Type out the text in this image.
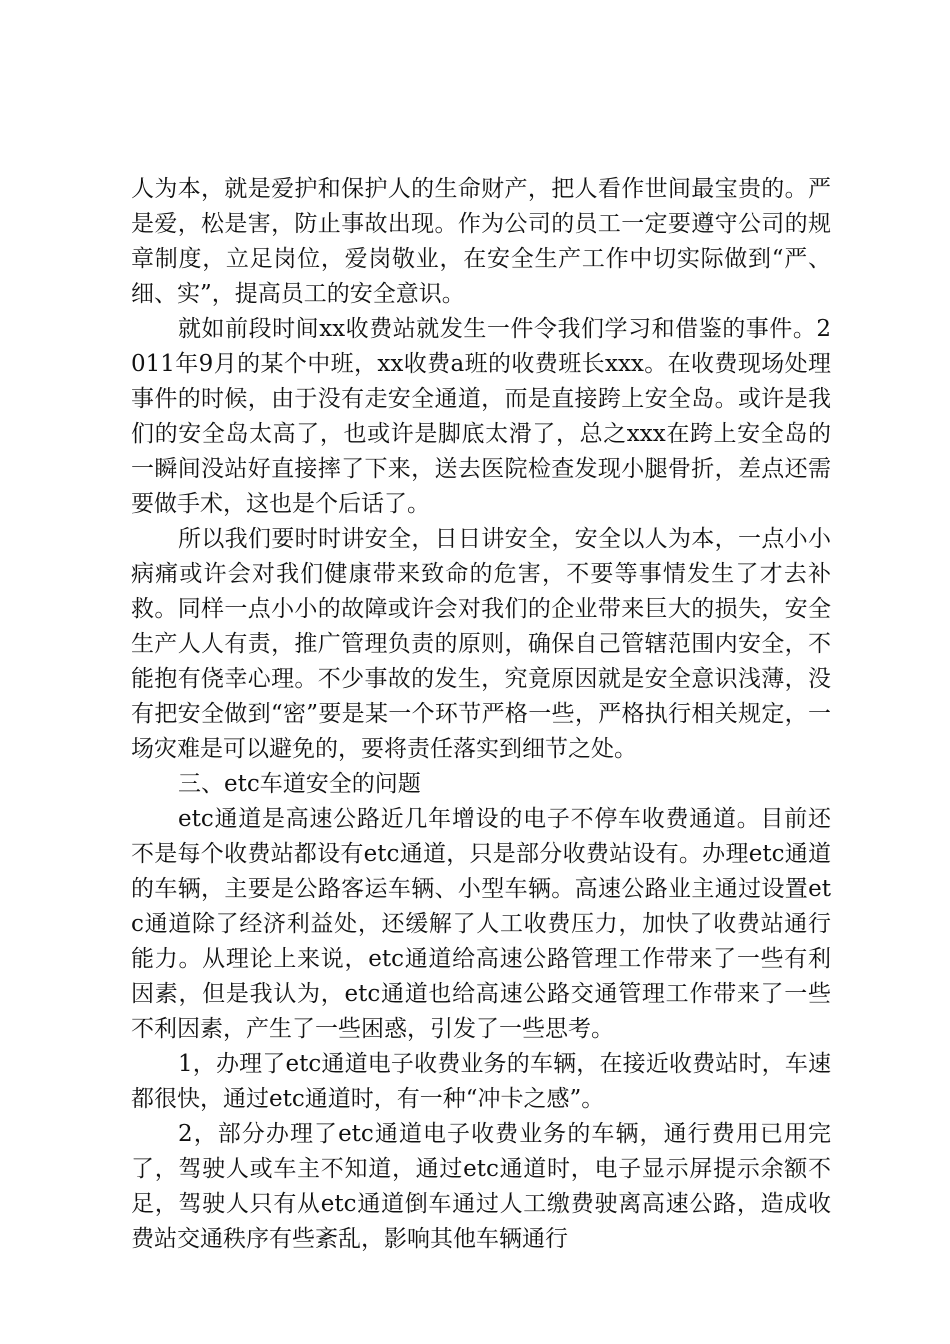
人为本，就是爱护和保护人的生命财产，把人看作世间最宝贵的。严是爱，松是害，防止事故出现。作为公司的员工一定要遵守公司的规章制度，立足岗位，爱岗敬业，在安全生产工作中切实际做到“严、细、实”，提高员工的安全意识。

就如前段时间xx收费站就发生一件令我们学习和借鉴的事件。2011年9月的某个中班，xx收费a班的收费班长xxx。在收费现场处理事件的时候，由于没有走安全通道，而是直接跨上安全岛。或许是我们的安全岛太高了，也或许是脚底太滑了，总之xxx在跨上安全岛的一瞬间没站好直接摔了下来，送去医院检查发现小腿骨折，差点还需要做手术，这也是个后话了。

所以我们要时时讲安全，日日讲安全，安全以人为本，一点小小病痛或许会对我们健康带来致命的危害，不要等事情发生了才去补救。同样一点小小的故障或许会对我们的企业带来巨大的损失，安全生产人人有责，推广管理负责的原则，确保自己管辖范围内安全，不能抱有侥幸心理。不少事故的发生，究竟原因就是安全意识浅薄，没有把安全做到“密”要是某一个环节严格一些，严格执行相关规定，一场灾难是可以避免的，要将责任落实到细节之处。

三、etc车道安全的问题

etc通道是高速公路近几年增设的电子不停车收费通道。目前还不是每个收费站都设有etc通道，只是部分收费站设有。办理etc通道的车辆，主要是公路客运车辆、小型车辆。高速公路业主通过设置etc通道除了经济利益处，还缓解了人工收费压力，加快了收费站通行能力。从理论上来说，etc通道给高速公路管理工作带来了一些有利因素，但是我认为，etc通道也给高速公路交通管理工作带来了一些不利因素，产生了一些困惑，引发了一些思考。

1，办理了etc通道电子收费业务的车辆，在接近收费站时，车速都很快，通过etc通道时，有一种“冲卡之感”。

2，部分办理了etc通道电子收费业务的车辆，通行费用已用完了，驾驶人或车主不知道，通过etc通道时，电子显示屏提示余额不足，驾驶人只有从etc通道倒车通过人工缴费驶离高速公路，造成收费站交通秩序有些紊乱，影响其他车辆通行
